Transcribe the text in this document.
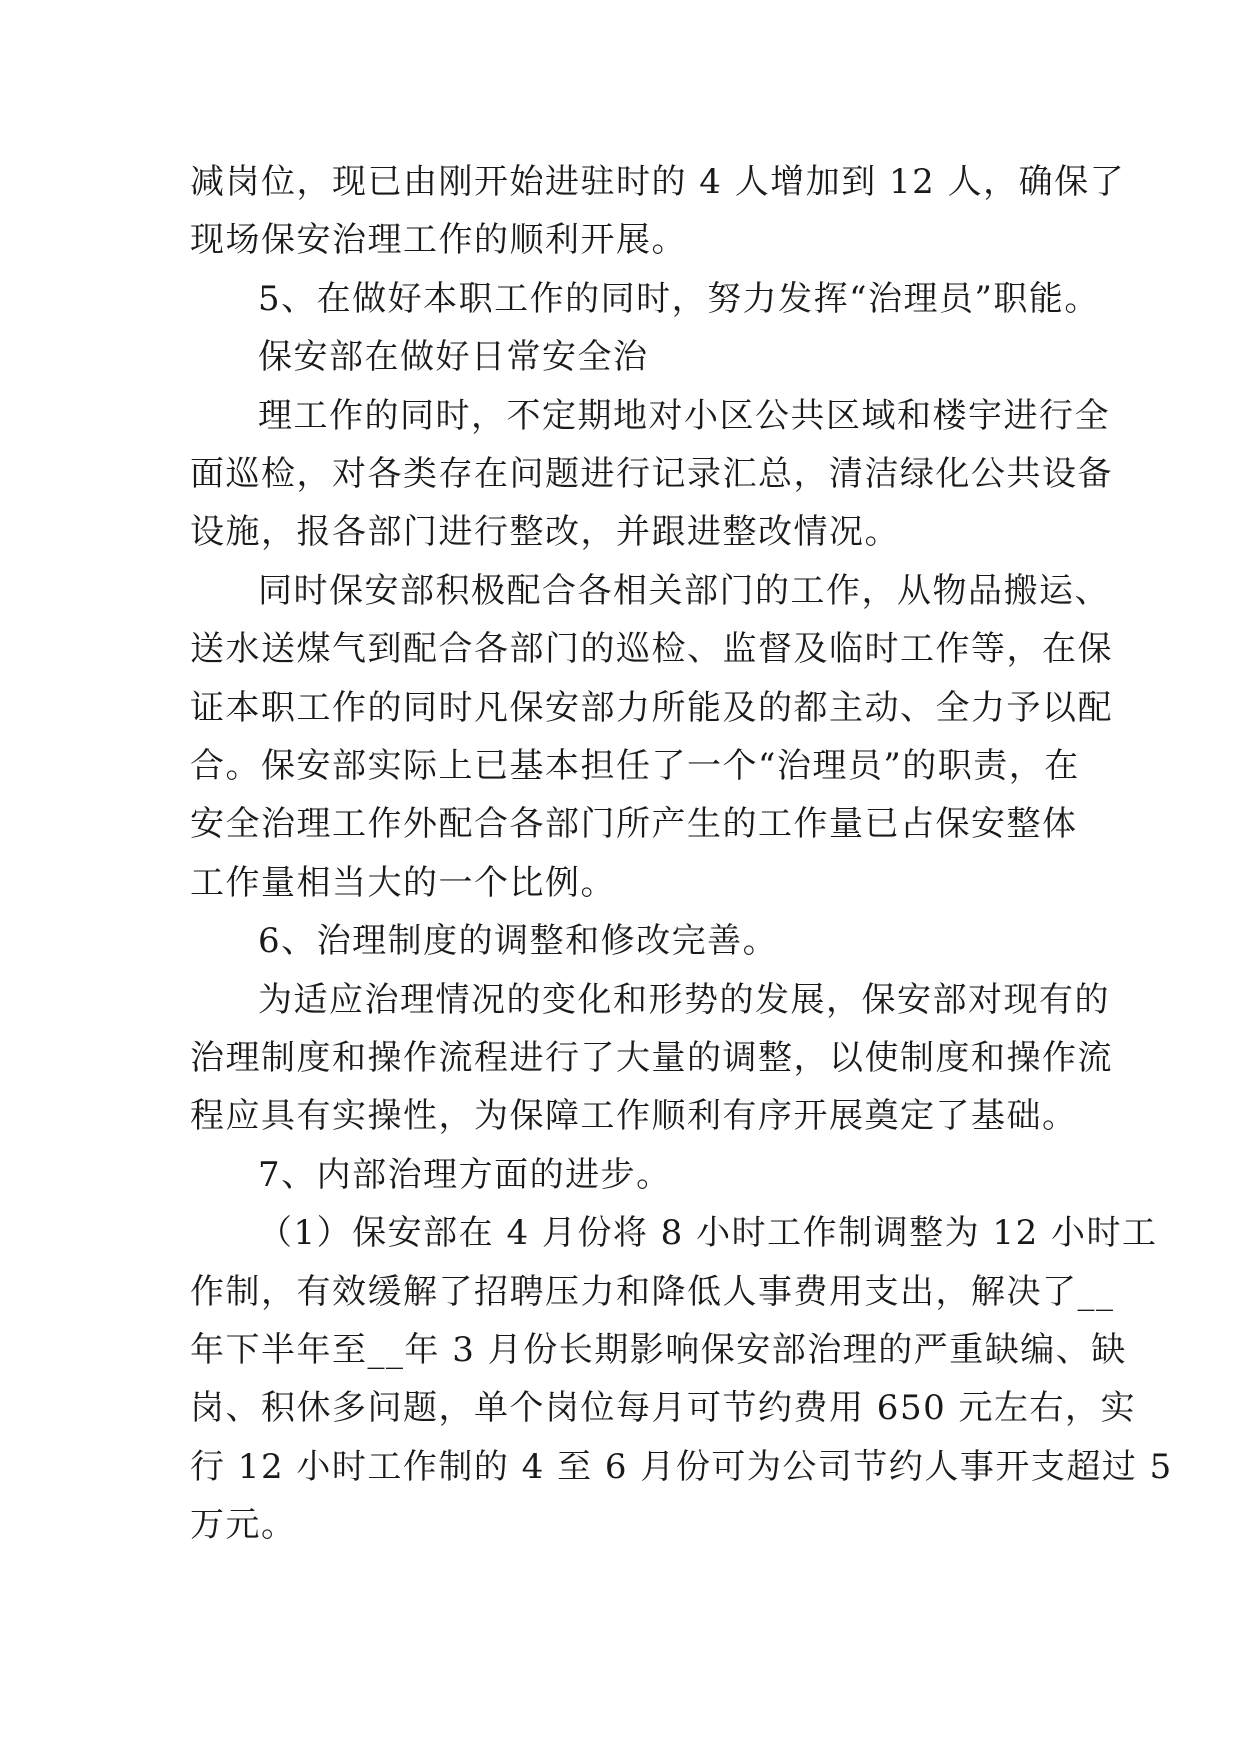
减岗位，现已由刚开始进驻时的 4 人增加到 12 人，确保了
现场保安治理工作的顺利开展。
5、在做好本职工作的同时，努力发挥“治理员”职能。
保安部在做好日常安全治
理工作的同时，不定期地对小区公共区域和楼宇进行全
面巡检，对各类存在问题进行记录汇总，清洁绿化公共设备
设施，报各部门进行整改，并跟进整改情况。
同时保安部积极配合各相关部门的工作，从物品搬运、
送水送煤气到配合各部门的巡检、监督及临时工作等，在保
证本职工作的同时凡保安部力所能及的都主动、全力予以配
合。保安部实际上已基本担任了一个“治理员”的职责，在
安全治理工作外配合各部门所产生的工作量已占保安整体
工作量相当大的一个比例。
6、治理制度的调整和修改完善。
为适应治理情况的变化和形势的发展，保安部对现有的
治理制度和操作流程进行了大量的调整，以使制度和操作流
程应具有实操性，为保障工作顺利有序开展奠定了基础。
7、内部治理方面的进步。
（1）保安部在 4 月份将 8 小时工作制调整为 12 小时工
作制，有效缓解了招聘压力和降低人事费用支出，解决了__
年下半年至__年 3 月份长期影响保安部治理的严重缺编、缺
岗、积休多问题，单个岗位每月可节约费用 650 元左右，实
行 12 小时工作制的 4 至 6 月份可为公司节约人事开支超过 5
万元。
